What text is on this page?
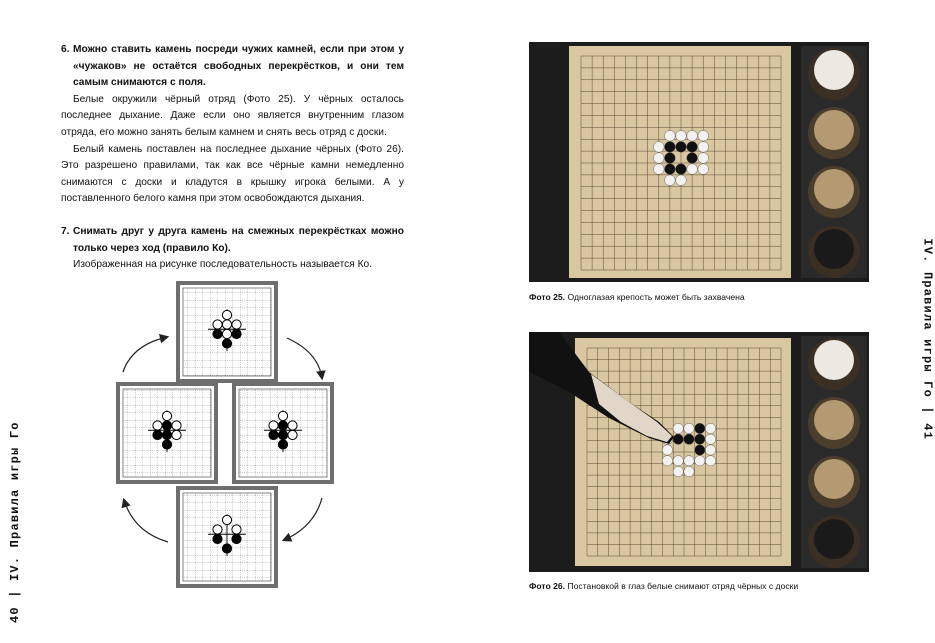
6. Можно ставить камень посреди чужих камней, если при этом у «чужаков» не остаётся свободных перекрёстков, и они тем самым снимаются с поля.

Белые окружили чёрный отряд (Фото 25). У чёрных осталось последнее дыхание. Даже если оно является внутренним глазом отряда, его можно занять белым камнем и снять весь отряд с доски.

Белый камень поставлен на последнее дыхание чёрных (Фото 26). Это разрешено правилами, так как все чёрные камни немедленно снимаются с доски и кладутся в крышку игрока белыми. А у поставленного белого камня при этом освобождаются дыхания.

7. Снимать друг у друга камень на смежных перекрёстках можно только через ход (правило Ко).

Изображенная на рисунке последовательность называется Ко.

40 | IV. Правила игры Го
Фото 25. Одноглазая крепость может быть захвачена
Фото 26. Постановкой в глаз белые снимают отряд чёрных с доски
IV. Правила игры Го | 41
